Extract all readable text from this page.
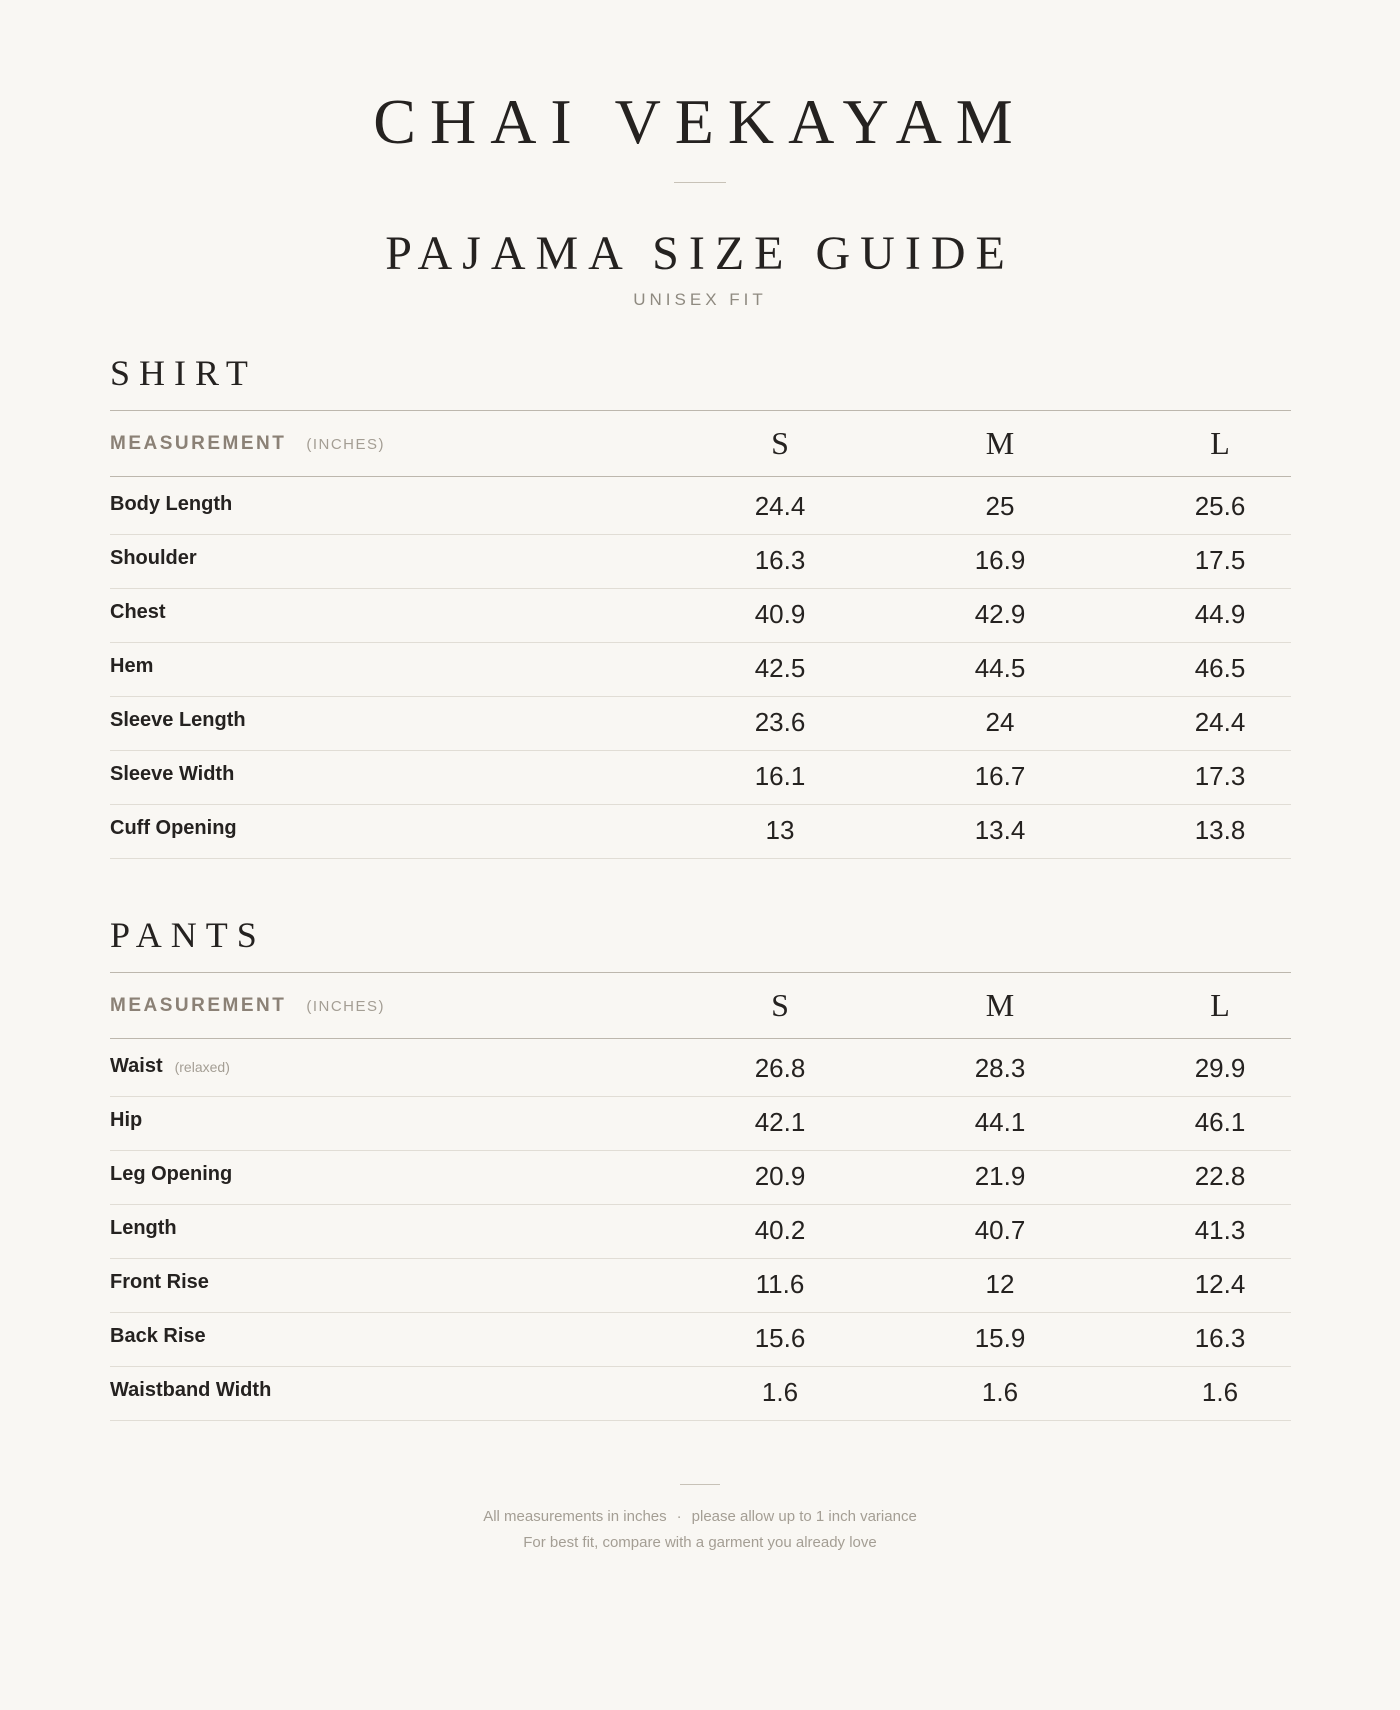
CHAI VEKAYAM
PAJAMA SIZE GUIDE
UNISEX FIT
SHIRT
MEASUREMENT (INCHES)	S	M	L
Body Length	24.4	25	25.6
Shoulder	16.3	16.9	17.5
Chest	40.9	42.9	44.9
Hem	42.5	44.5	46.5
Sleeve Length	23.6	24	24.4
Sleeve Width	16.1	16.7	17.3
Cuff Opening	13	13.4	13.8
PANTS
MEASUREMENT (INCHES)	S	M	L
Waist (relaxed)	26.8	28.3	29.9
Hip	42.1	44.1	46.1
Leg Opening	20.9	21.9	22.8
Length	40.2	40.7	41.3
Front Rise	11.6	12	12.4
Back Rise	15.6	15.9	16.3
Waistband Width	1.6	1.6	1.6
All measurements in inches · please allow up to 1 inch variance
For best fit, compare with a garment you already love
